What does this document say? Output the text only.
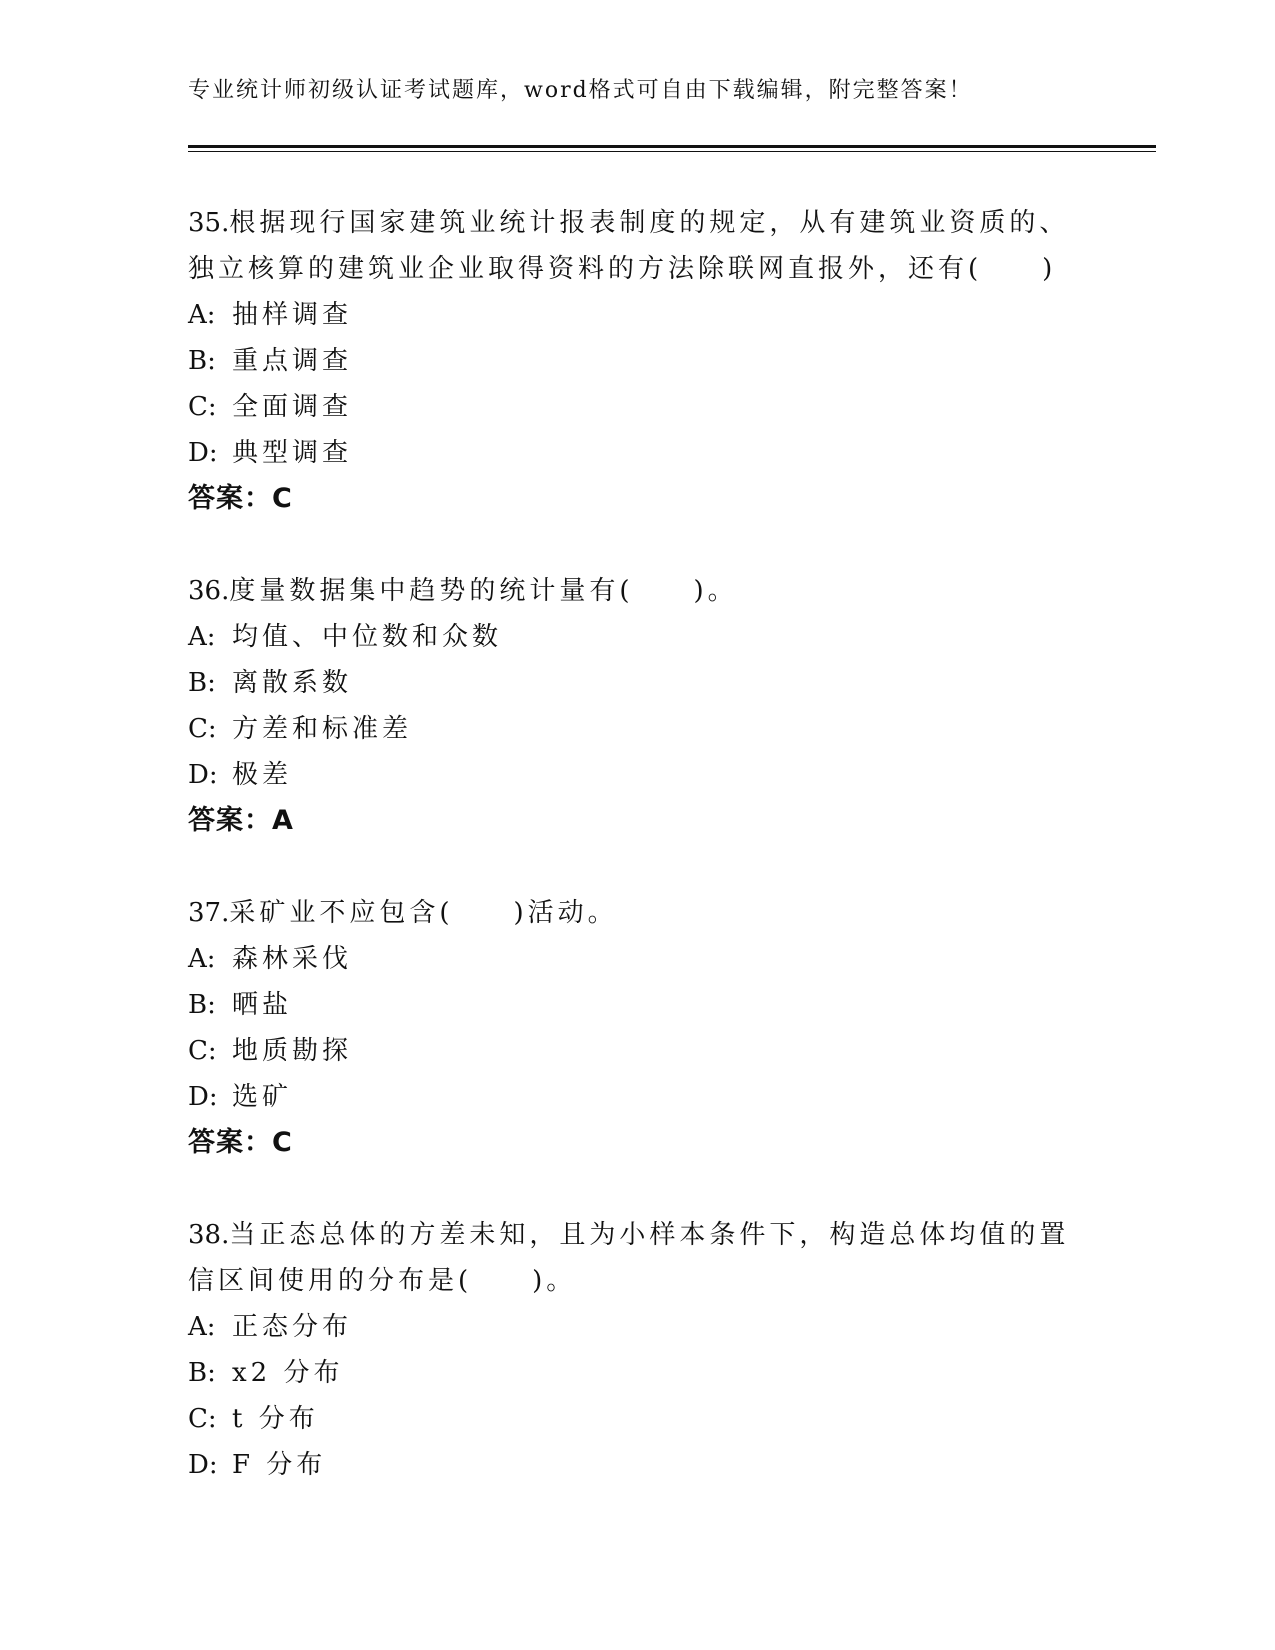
专业统计师初级认证考试题库，word格式可自由下载编辑，附完整答案！

35.根据现行国家建筑业统计报表制度的规定，从有建筑业资质的、独立核算的建筑业企业取得资料的方法除联网直报外，还有(　　)

A: 抽样调查
B: 重点调查
C: 全面调查
D: 典型调查
答案：C

36.度量数据集中趋势的统计量有(　　)。

A: 均值、中位数和众数
B: 离散系数
C: 方差和标准差
D: 极差
答案：A

37.采矿业不应包含(　　)活动。

A: 森林采伐
B: 晒盐
C: 地质勘探
D: 选矿
答案：C

38.当正态总体的方差未知，且为小样本条件下，构造总体均值的置信区间使用的分布是(　　)。

A: 正态分布
B: x2 分布
C: t 分布
D: F 分布
